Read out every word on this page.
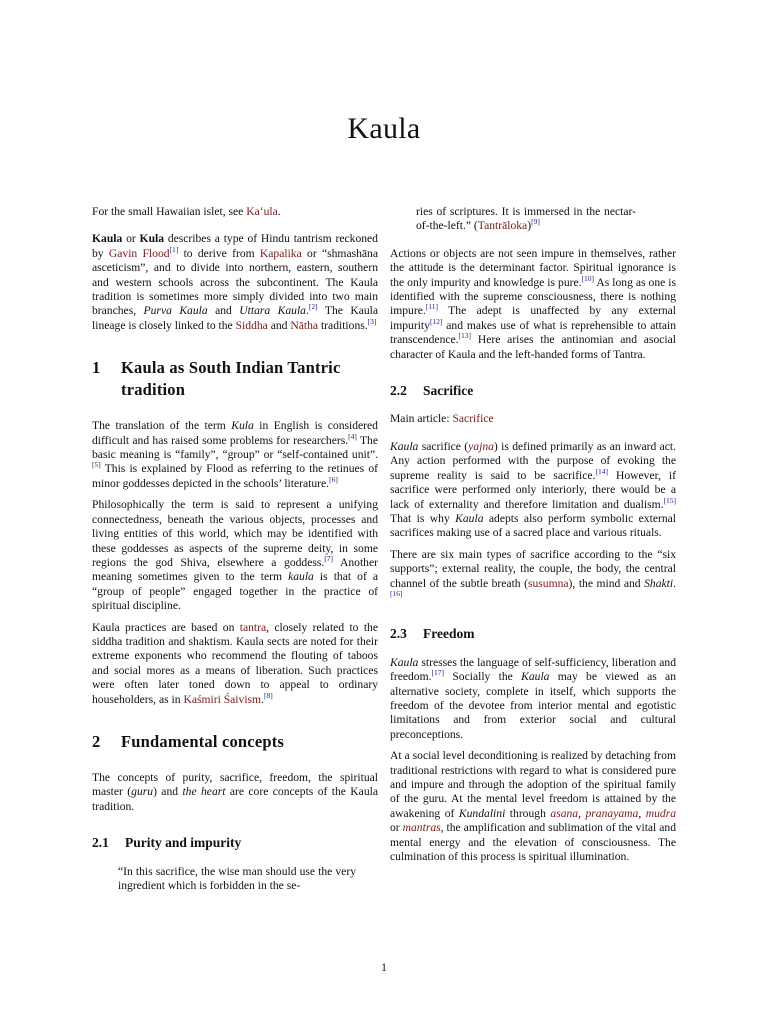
Kaula

For the small Hawaiian islet, see Ka‘ula.

Kaula or Kula describes a type of Hindu tantrism reckoned by Gavin Flood[1] to derive from Kapalika or “shmashāna asceticism”, and to divide into northern, eastern, southern and western schools across the subcontinent. The Kaula tradition is sometimes more simply divided into two main branches, Purva Kaula and Uttara Kaula.[2] The Kaula lineage is closely linked to the Siddha and Nātha traditions.[3]

1	Kaula as South Indian Tantric tradition

The translation of the term Kula in English is considered difficult and has raised some problems for researchers.[4] The basic meaning is “family”, “group” or “self-contained unit”.[5] This is explained by Flood as referring to the retinues of minor goddesses depicted in the schools’ literature.[6]

Philosophically the term is said to represent a unifying connectedness, beneath the various objects, processes and living entities of this world, which may be identified with these goddesses as aspects of the supreme deity, in some regions the god Shiva, elsewhere a goddess.[7] Another meaning sometimes given to the term kaula is that of a “group of people” engaged together in the practice of spiritual discipline.

Kaula practices are based on tantra, closely related to the siddha tradition and shaktism. Kaula sects are noted for their extreme exponents who recommend the flouting of taboos and social mores as a means of liberation. Such practices were often later toned down to appeal to ordinary householders, as in Kaśmiri Śaivism.[8]

2	Fundamental concepts

The concepts of purity, sacrifice, freedom, the spiritual master (guru) and the heart are core concepts of the Kaula tradition.

2.1	Purity and impurity

“In this sacrifice, the wise man should use the very ingredient which is forbidden in the se-

ries of scriptures. It is immersed in the nectar-of-the-left.” (Tantrāloka)[9]

Actions or objects are not seen impure in themselves, rather the attitude is the determinant factor. Spiritual ignorance is the only impurity and knowledge is pure.[10] As long as one is identified with the supreme consciousness, there is nothing impure.[11] The adept is unaffected by any external impurity[12] and makes use of what is reprehensible to attain transcendence.[13] Here arises the antinomian and asocial character of Kaula and the left-handed forms of Tantra.

2.2	Sacrifice

Main article: Sacrifice

Kaula sacrifice (yajna) is defined primarily as an inward act. Any action performed with the purpose of evoking the supreme reality is said to be sacrifice.[14] However, if sacrifice were performed only interiorly, there would be a lack of externality and therefore limitation and dualism.[15] That is why Kaula adepts also perform symbolic external sacrifices making use of a sacred place and various rituals.

There are six main types of sacrifice according to the “six supports”; external reality, the couple, the body, the central channel of the subtle breath (susumna), the mind and Shakti.[16]

2.3	Freedom

Kaula stresses the language of self-sufficiency, liberation and freedom.[17] Socially the Kaula may be viewed as an alternative society, complete in itself, which supports the freedom of the devotee from interior mental and egotistic limitations and from exterior social and cultural preconceptions.

At a social level deconditioning is realized by detaching from traditional restrictions with regard to what is considered pure and impure and through the adoption of the spiritual family of the guru. At the mental level freedom is attained by the awakening of Kundalini through asana, pranayama, mudra or mantras, the amplification and sublimation of the vital and mental energy and the elevation of consciousness. The culmination of this process is spiritual illumination.

1
